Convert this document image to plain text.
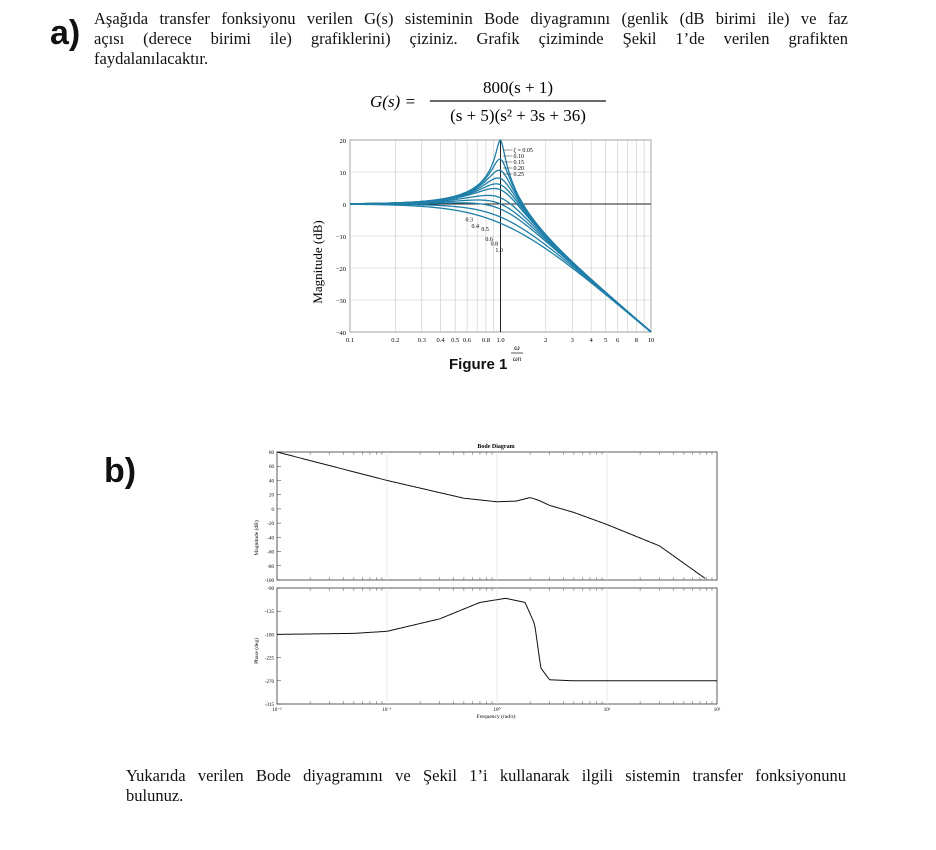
a) Aşağıda transfer fonksiyonu verilen G(s) sisteminin Bode diyagramını (genlik (dB birimi ile) ve faz
açısı (derece birimi ile) grafiklerini) çiziniz. Grafik çiziminde Şekil 1’de verilen grafikten
faydalanılacaktır.
G(s) =
800(s + 1)
(s + 5)(s² + 3s + 36)
Magnitude (dB)
20
10
0
−10
−20
−30
−40
0.1	0.2	0.3 0.4 0.5 0.6 0.8 1.0	2	3 4 5 6 8 10
ω
ωn
ζ = 0.05
0.10
0.15
0.20
0.25
0.3
0.4
0.5
0.6
0.8
1.0
Figure 1
b)
Bode Diagram
80
60
40
20
0
-20
-40
-60
-80
-100
-90
-135
-180
-225
-270
-315
10⁻²	10⁻¹	10⁰	10¹	10²
Magnitude (dB)
Phase (deg)
Frequency (rad/s)
Yukarıda verilen Bode diyagramını ve Şekil 1’i kullanarak ilgili sistemin transfer fonksiyonunu
bulunuz.
